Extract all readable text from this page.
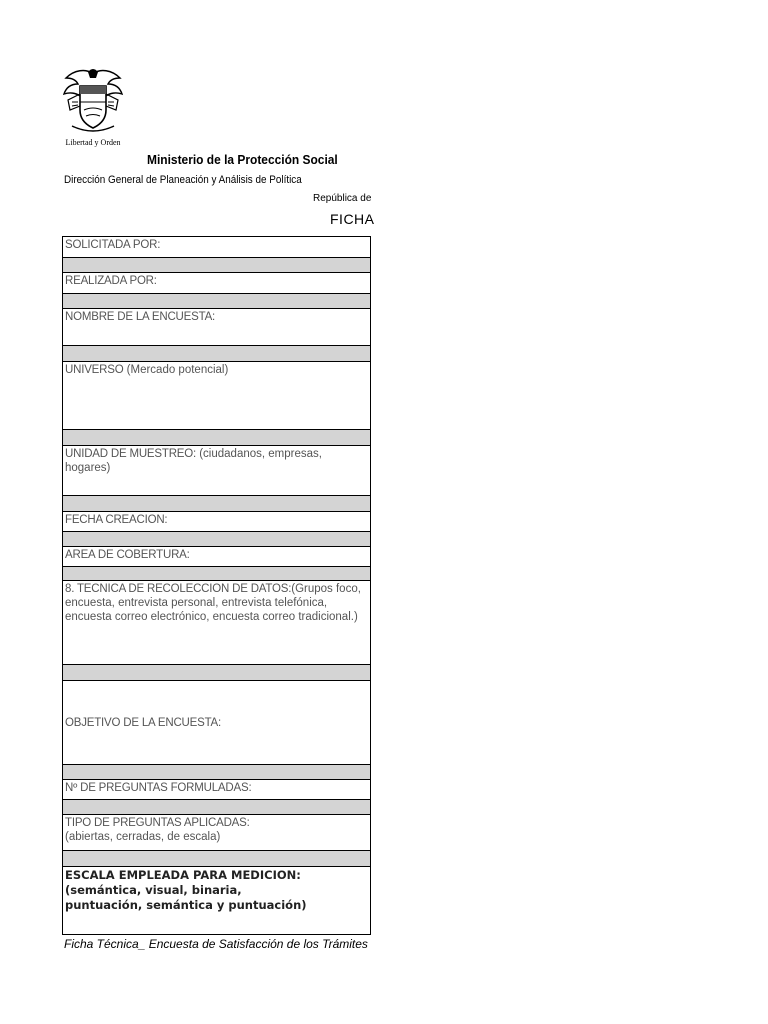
Libertad y Orden
Ministerio de la Protección Social
Dirección General de Planeación y Análisis de Política
República de
FICHA
SOLICITADA POR:
REALIZADA POR:
NOMBRE DE LA ENCUESTA:
UNIVERSO (Mercado potencial)
UNIDAD DE MUESTREO: (ciudadanos, empresas, hogares)
FECHA CREACION:
AREA DE COBERTURA:
8. TECNICA DE RECOLECCION DE DATOS:(Grupos foco, encuesta, entrevista personal, entrevista telefónica, encuesta correo electrónico, encuesta correo tradicional.)
OBJETIVO DE LA ENCUESTA:
Nº DE PREGUNTAS FORMULADAS:
TIPO DE PREGUNTAS APLICADAS:
(abiertas, cerradas, de escala)
ESCALA EMPLEADA PARA MEDICION:
(semántica, visual, binaria,
puntuación, semántica y puntuación)
Ficha Técnica_ Encuesta de Satisfacción de los Trámites
